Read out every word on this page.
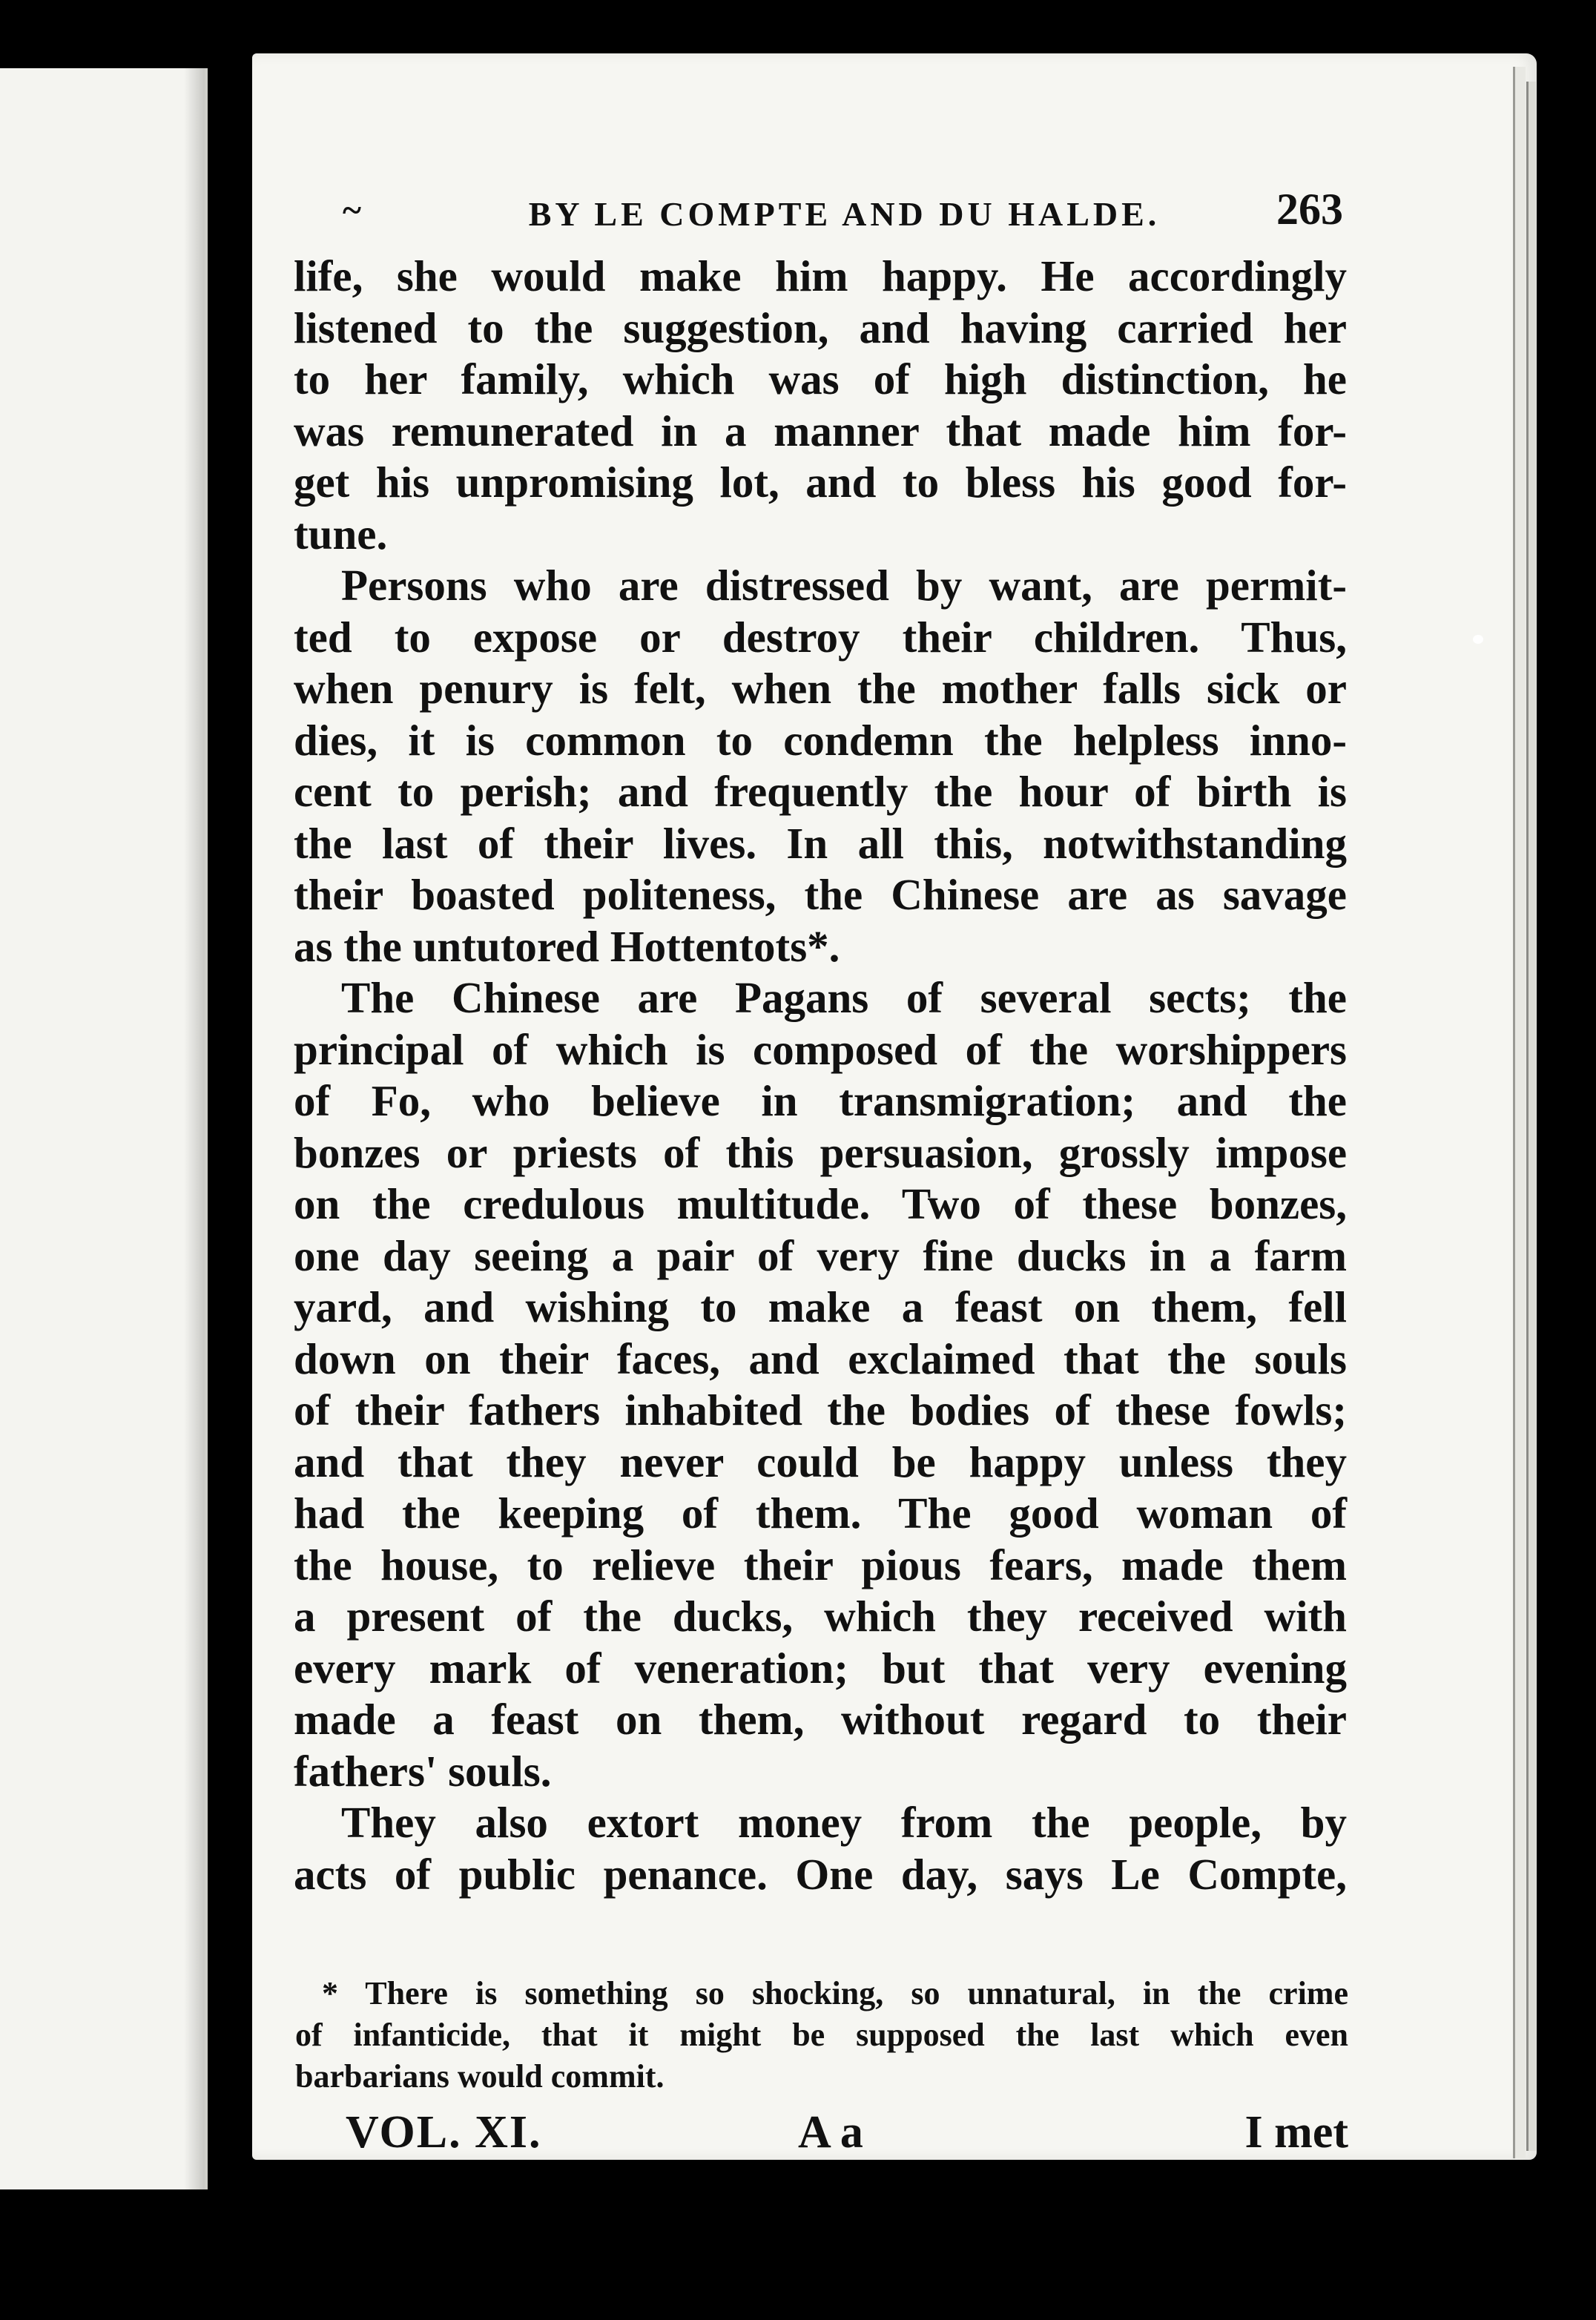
~	BY LE COMPTE AND DU HALDE.	263
life, she would make him happy. He accordingly
listened to the suggestion, and having carried her
to her family, which was of high distinction, he
was remunerated in a manner that made him for-
get his unpromising lot, and to bless his good for-
tune.
Persons who are distressed by want, are permit-
ted to expose or destroy their children. Thus,
when penury is felt, when the mother falls sick or
dies, it is common to condemn the helpless inno-
cent to perish; and frequently the hour of birth is
the last of their lives. In all this, notwithstanding
their boasted politeness, the Chinese are as savage
as the untutored Hottentots*.
The Chinese are Pagans of several sects; the
principal of which is composed of the worshippers
of Fo, who believe in transmigration; and the
bonzes or priests of this persuasion, grossly impose
on the credulous multitude. Two of these bonzes,
one day seeing a pair of very fine ducks in a farm
yard, and wishing to make a feast on them, fell
down on their faces, and exclaimed that the souls
of their fathers inhabited the bodies of these fowls;
and that they never could be happy unless they
had the keeping of them. The good woman of
the house, to relieve their pious fears, made them
a present of the ducks, which they received with
every mark of veneration; but that very evening
made a feast on them, without regard to their
fathers' souls.
They also extort money from the people, by
acts of public penance. One day, says Le Compte,
* There is something so shocking, so unnatural, in the crime
of infanticide, that it might be supposed the last which even
barbarians would commit.
VOL. XI.	A a	I met
